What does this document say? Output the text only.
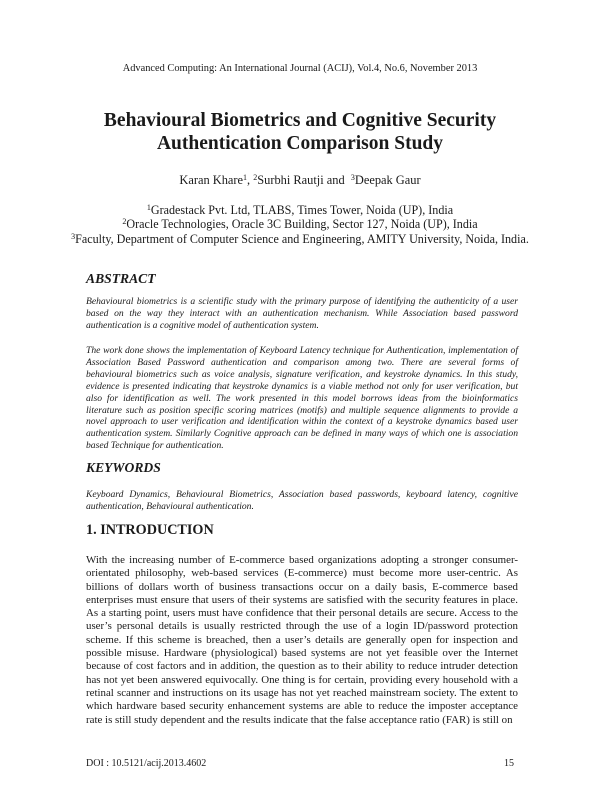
Advanced Computing: An International Journal (ACIJ), Vol.4, No.6, November 2013
Behavioural Biometrics and Cognitive Security
Authentication Comparison Study
Karan Khare$^1$, $^2$Surbhi Rautji and $^3$Deepak Gaur
$^1$Gradestack Pvt. Ltd, TLABS, Times Tower, Noida (UP), India
$^2$Oracle Technologies, Oracle 3C Building, Sector 127, Noida (UP), India
$^3$Faculty, Department of Computer Science and Engineering, AMITY University, Noida, India.
ABSTRACT
Behavioural biometrics is a scientific study with the primary purpose of identifying the authenticity of a user based on the way they interact with an authentication mechanism. While Association based password authentication is a cognitive model of authentication system.
The work done shows the implementation of Keyboard Latency technique for Authentication, implementation of Association Based Password authentication and comparison among two. There are several forms of behavioural biometrics such as voice analysis, signature verification, and keystroke dynamics. In this study, evidence is presented indicating that keystroke dynamics is a viable method not only for user verification, but also for identification as well. The work presented in this model borrows ideas from the bioinformatics literature such as position specific scoring matrices (motifs) and multiple sequence alignments to provide a novel approach to user verification and identification within the context of a keystroke dynamics based user authentication system. Similarly Cognitive approach can be defined in many ways of which one is association based Technique for authentication.
KEYWORDS
Keyboard Dynamics, Behavioural Biometrics, Association based passwords, keyboard latency, cognitive authentication, Behavioural authentication.
1. INTRODUCTION
With the increasing number of E-commerce based organizations adopting a stronger consumer-orientated philosophy, web-based services (E-commerce) must become more user-centric. As billions of dollars worth of business transactions occur on a daily basis, E-commerce based enterprises must ensure that users of their systems are satisfied with the security features in place. As a starting point, users must have confidence that their personal details are secure. Access to the user’s personal details is usually restricted through the use of a login ID/password protection scheme. If this scheme is breached, then a user’s details are generally open for inspection and possible misuse. Hardware (physiological) based systems are not yet feasible over the Internet because of cost factors and in addition, the question as to their ability to reduce intruder detection has not yet been answered equivocally. One thing is for certain, providing every household with a retinal scanner and instructions on its usage has not yet reached mainstream society. The extent to which hardware based security enhancement systems are able to reduce the imposter acceptance rate is still study dependent and the results indicate that the false acceptance ratio (FAR) is still on
DOI : 10.5121/acij.2013.4602	15
